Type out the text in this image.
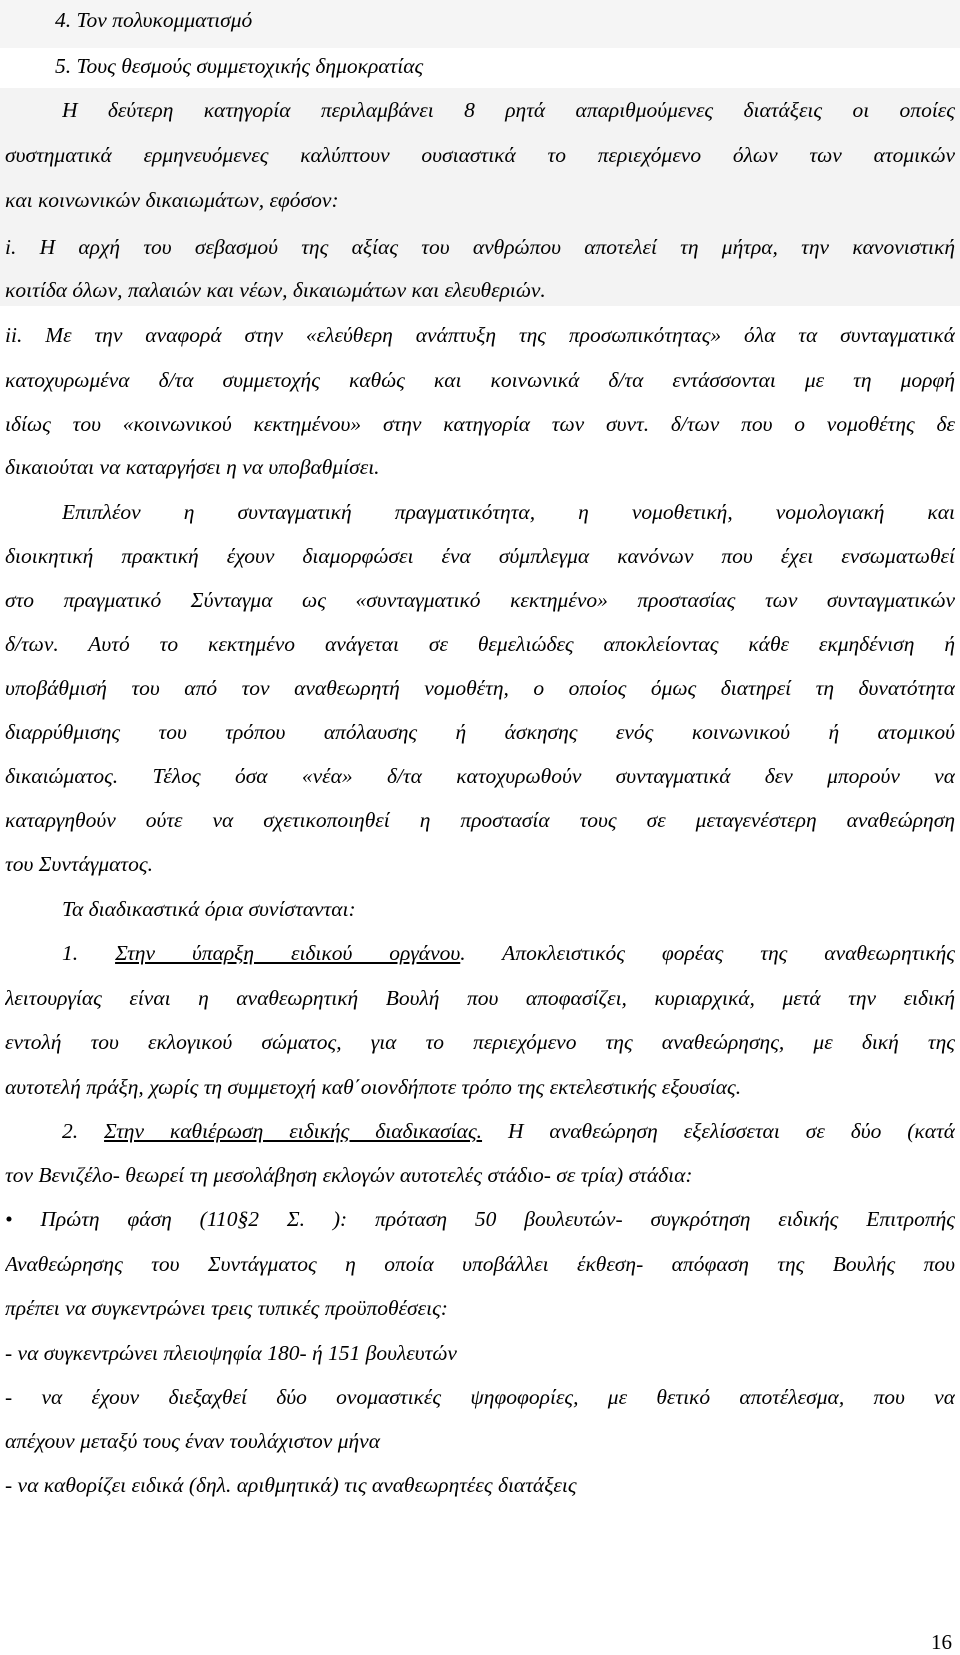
4. Τον πολυκομματισμό
5. Τους θεσμούς συμμετοχικής δημοκρατίας
Η δεύτερη κατηγορία περιλαμβάνει 8 ρητά απαριθμούμενες διατάξεις οι οποίες
συστηματικά ερμηνευόμενες καλύπτουν ουσιαστικά το περιεχόμενο όλων των ατομικών
και κοινωνικών δικαιωμάτων, εφόσον:
i. Η αρχή του σεβασμού της αξίας του ανθρώπου αποτελεί τη μήτρα, την κανονιστική
κοιτίδα όλων, παλαιών και νέων, δικαιωμάτων και ελευθεριών.
ii. Με την αναφορά στην «ελεύθερη ανάπτυξη της προσωπικότητας» όλα τα συνταγματικά
κατοχυρωμένα δ/τα συμμετοχής καθώς και κοινωνικά δ/τα εντάσσονται με τη μορφή
ιδίως του «κοινωνικού κεκτημένου» στην κατηγορία των συντ. δ/των που ο νομοθέτης δε
δικαιούται να καταργήσει η να υποβαθμίσει.
Επιπλέον η συνταγματική πραγματικότητα, η νομοθετική, νομολογιακή και
διοικητική πρακτική έχουν διαμορφώσει ένα σύμπλεγμα κανόνων που έχει ενσωματωθεί
στο πραγματικό Σύνταγμα ως «συνταγματικό κεκτημένο» προστασίας των συνταγματικών
δ/των. Αυτό το κεκτημένο ανάγεται σε θεμελιώδες αποκλείοντας κάθε εκμηδένιση ή
υποβάθμισή του από τον αναθεωρητή νομοθέτη, ο οποίος όμως διατηρεί τη δυνατότητα
διαρρύθμισης του τρόπου απόλαυσης ή άσκησης ενός κοινωνικού ή ατομικού
δικαιώματος. Τέλος όσα «νέα» δ/τα κατοχυρωθούν συνταγματικά δεν μπορούν να
καταργηθούν ούτε να σχετικοποιηθεί η προστασία τους σε μεταγενέστερη αναθεώρηση
του Συντάγματος.
Τα διαδικαστικά όρια συνίστανται:
1. Στην ύπαρξη ειδικού οργάνου. Αποκλειστικός φορέας της αναθεωρητικής
λειτουργίας είναι η αναθεωρητική Βουλή που αποφασίζει, κυριαρχικά, μετά την ειδική
εντολή του εκλογικού σώματος, για το περιεχόμενο της αναθεώρησης, με δική της
αυτοτελή πράξη, χωρίς τη συμμετοχή καθ΄οιονδήποτε τρόπο της εκτελεστικής εξουσίας.
2. Στην καθιέρωση ειδικής διαδικασίας. Η αναθεώρηση εξελίσσεται σε δύο (κατά
τον Βενιζέλο- θεωρεί τη μεσολάβηση εκλογών αυτοτελές στάδιο- σε τρία) στάδια:
• Πρώτη φάση (110§2 Σ. ): πρόταση 50 βουλευτών- συγκρότηση ειδικής Επιτροπής
Αναθεώρησης του Συντάγματος η οποία υποβάλλει έκθεση- απόφαση της Βουλής που
πρέπει να συγκεντρώνει τρεις τυπικές προϋποθέσεις:
- να συγκεντρώνει πλειοψηφία 180- ή 151 βουλευτών
- να έχουν διεξαχθεί δύο ονομαστικές ψηφοφορίες, με θετικό αποτέλεσμα, που να
απέχουν μεταξύ τους έναν τουλάχιστον μήνα
- να καθορίζει ειδικά (δηλ. αριθμητικά) τις αναθεωρητέες διατάξεις
16
